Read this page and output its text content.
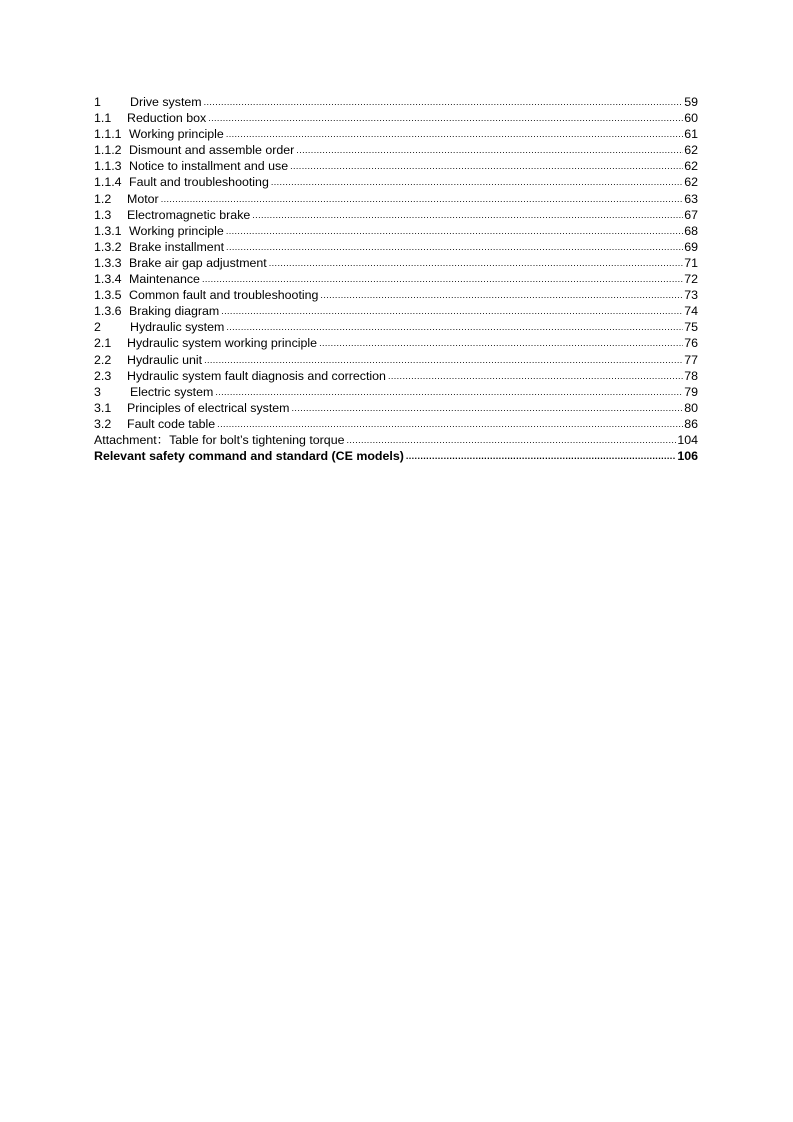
1	Drive system .....	59
1.1	Reduction box .....	60
1.1.1 Working principle .....	61
1.1.2 Dismount and assemble order .....	62
1.1.3 Notice to installment and use .....	62
1.1.4 Fault and troubleshooting .....	62
1.2	Motor .....	63
1.3	Electromagnetic brake .....	67
1.3.1 Working principle .....	68
1.3.2 Brake installment .....	69
1.3.3 Brake air gap adjustment .....	71
1.3.4 Maintenance .....	72
1.3.5 Common fault and troubleshooting .....	73
1.3.6 Braking diagram .....	74
2	Hydraulic system .....	75
2.1	Hydraulic system working principle .....	76
2.2	Hydraulic unit .....	77
2.3	Hydraulic system fault diagnosis and correction .....	78
3	Electric system .....	79
3.1	Principles of electrical system .....	80
3.2	Fault code table .....	86
Attachment：Table for bolt’s tightening torque .....	104
Relevant safety command and standard (CE models) .....	106
